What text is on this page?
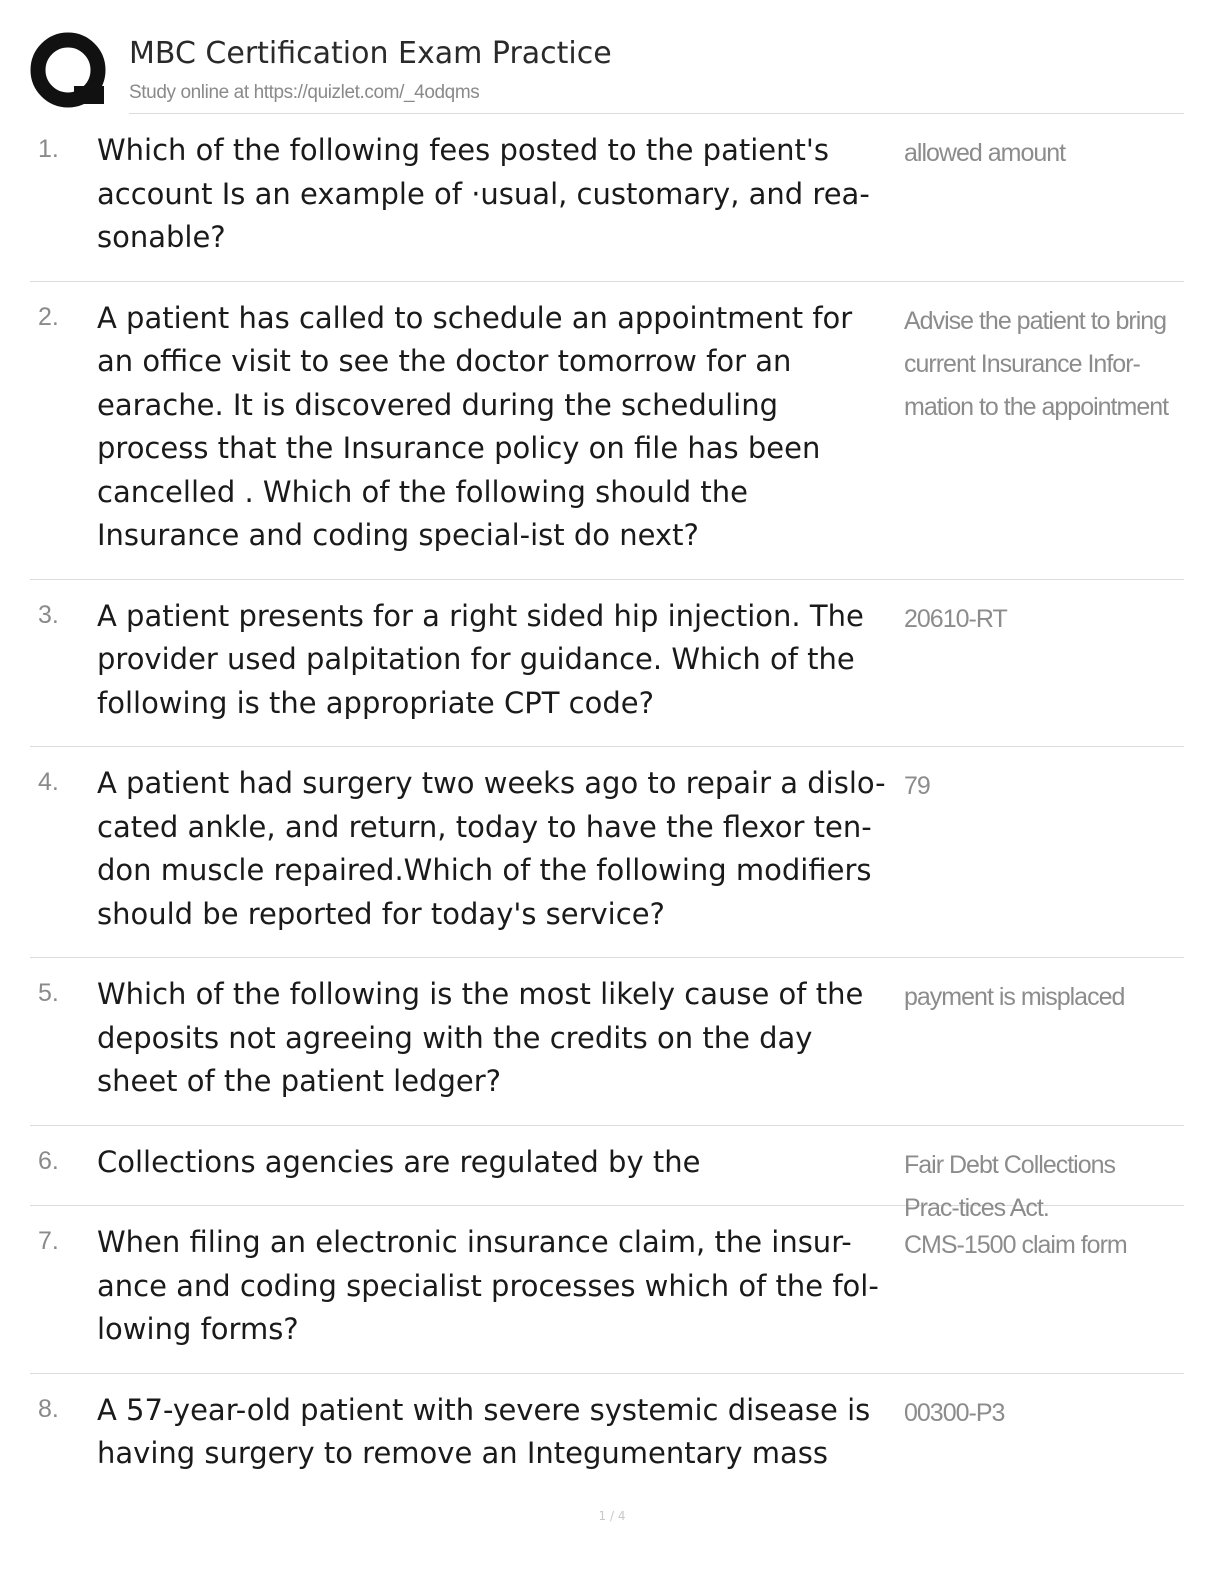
MBC Certification Exam Practice
Study online at https://quizlet.com/_4odqms
1. Which of the following fees posted to the patient's account Is an example of ·usual, customary, and rea-sonable?
allowed amount
2. A patient has called to schedule an appointment for an office visit to see the doctor tomorrow for an earache. It is discovered during the scheduling process that the Insurance policy on file has been cancelled . Which of the following should the Insurance and coding special-ist do next?
Advise the patient to bring current Insurance Infor-mation to the appointment
3. A patient presents for a right sided hip injection. The provider used palpitation for guidance. Which of the following is the appropriate CPT code?
20610-RT
4. A patient had surgery two weeks ago to repair a dislo-cated ankle, and return, today to have the flexor ten-don muscle repaired.Which of the following modifiers should be reported for today's service?
79
5. Which of the following is the most likely cause of the deposits not agreeing with the credits on the day sheet of the patient ledger?
payment is misplaced
6. Collections agencies are regulated by the	Fair Debt Collections Prac-tices Act.
7. When filing an electronic insurance claim, the insur-ance and coding specialist processes which of the fol-lowing forms?
CMS-1500 claim form
8. A 57-year-old patient with severe systemic disease is having surgery to remove an Integumentary mass
00300-P3
1 / 4
